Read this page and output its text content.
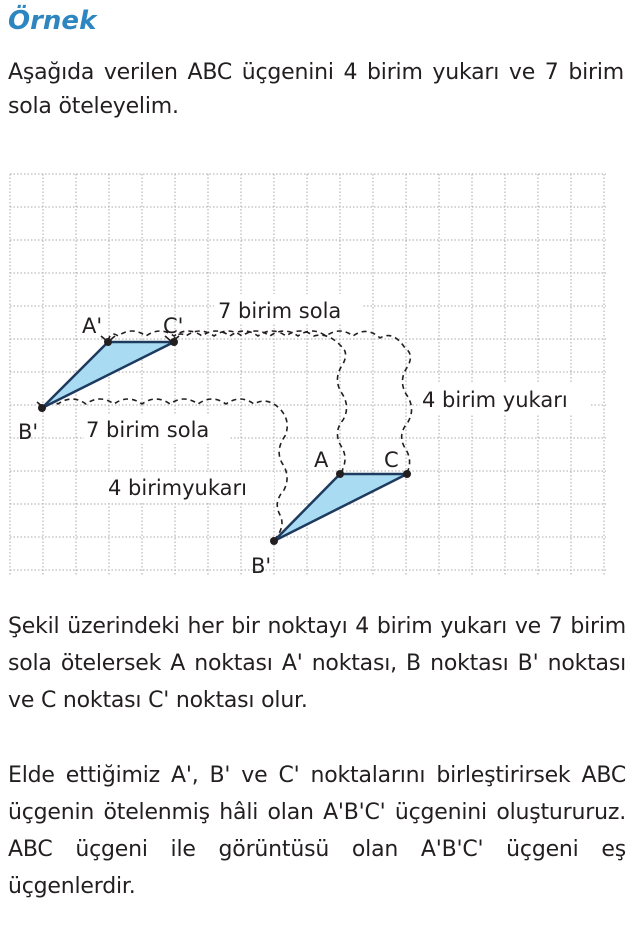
Örnek
Aşağıda verilen ABC üçgenini 4 birim yukarı ve 7 birim sola öteleyelim.
A	C
B'
A'	C'
B'
7 birim sola
4 birim yukarı
7 birim sola
4 birimyukarı
Şekil üzerindeki her bir noktayı 4 birim yukarı ve 7 birim sola ötelersek A noktası A' noktası, B noktası B' noktası ve C noktası C' noktası olur.
Elde ettiğimiz A', B' ve C' noktalarını birleştirirsek ABC üçgenin ötelenmiş hâli olan A'B'C' üçgenini oluştururuz. ABC üçgeni ile görüntüsü olan A'B'C' üçgeni eş üçgenlerdir.
